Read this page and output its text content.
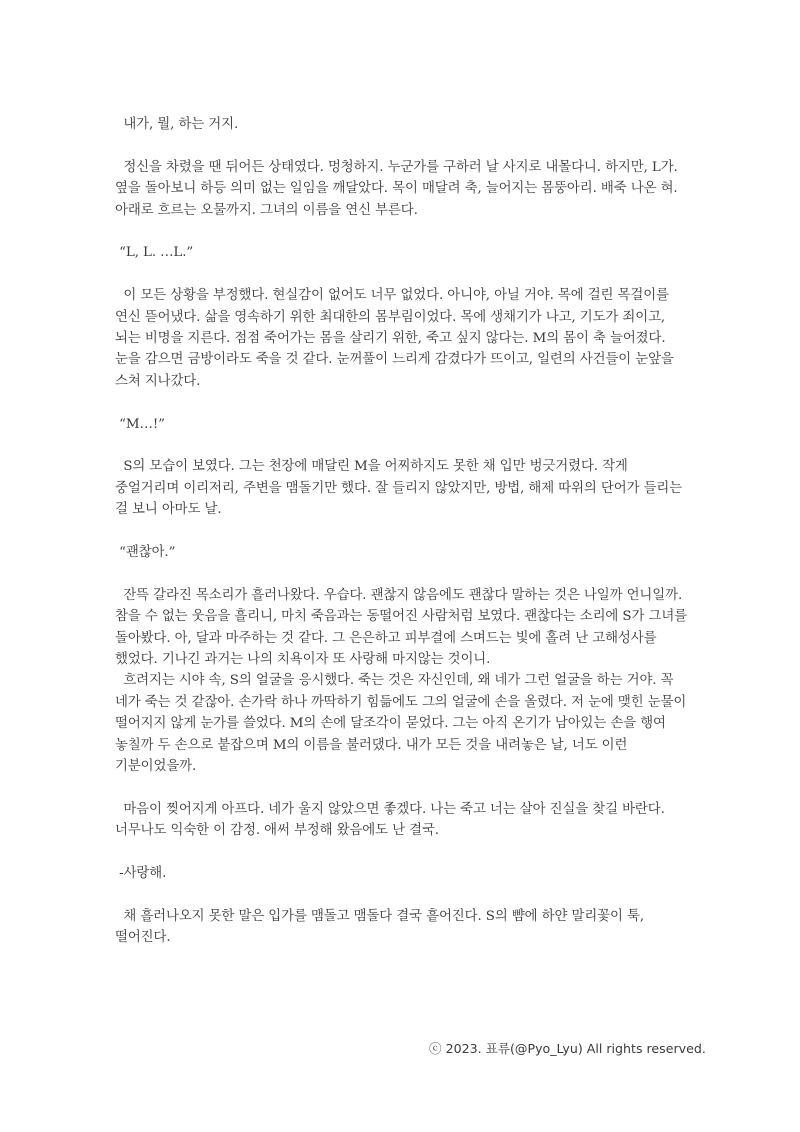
내가, 뭘, 하는 거지.

정신을 차렸을 땐 뒤어든 상태였다. 멍청하지. 누군가를 구하러 날 사지로 내몰다니. 하지만, L가. 옆을 돌아보니 하등 의미 없는 일임을 깨달았다. 목이 매달려 축, 늘어지는 몸뚱아리. 배죽 나온 혀. 아래로 흐르는 오물까지. 그녀의 이름을 연신 부른다.

“L, L. …L.”

이 모든 상황을 부정했다. 현실감이 없어도 너무 없었다. 아니야, 아닐 거야. 목에 걸린 목걸이를 연신 뜯어냈다. 삶을 영속하기 위한 최대한의 몸부림이었다. 목에 생채기가 나고, 기도가 죄이고, 뇌는 비명을 지른다. 점점 죽어가는 몸을 살리기 위한, 죽고 싶지 않다는. M의 몸이 축 늘어졌다. 눈을 감으면 금방이라도 죽을 것 같다. 눈꺼풀이 느리게 감겼다가 뜨이고, 일련의 사건들이 눈앞을 스쳐 지나갔다.

“M…!”

S의 모습이 보였다. 그는 천장에 매달린 M을 어찌하지도 못한 채 입만 벙긋거렸다. 작게 중얼거리며 이리저리, 주변을 맴돌기만 했다. 잘 들리지 않았지만, 방법, 해제 따위의 단어가 들리는 걸 보니 아마도 날.

“괜찮아.”

잔뜩 갈라진 목소리가 흘러나왔다. 우습다. 괜찮지 않음에도 괜찮다 말하는 것은 나일까 언니일까. 참을 수 없는 웃음을 흘리니, 마치 죽음과는 동떨어진 사람처럼 보였다. 괜찮다는 소리에 S가 그녀를 돌아봤다. 아, 달과 마주하는 것 같다. 그 은은하고 피부결에 스며드는 빛에 홀려 난 고해성사를 했었다. 기나긴 과거는 나의 치욕이자 또 사랑해 마지않는 것이니.

흐려지는 시야 속, S의 얼굴을 응시했다. 죽는 것은 자신인데, 왜 네가 그런 얼굴을 하는 거야. 꼭 네가 죽는 것 같잖아. 손가락 하나 까딱하기 힘듦에도 그의 얼굴에 손을 올렸다. 저 눈에 맺힌 눈물이 떨어지지 않게 눈가를 쓸었다. M의 손에 달조각이 묻었다. 그는 아직 온기가 남아있는 손을 행여 놓칠까 두 손으로 붙잡으며 M의 이름을 불러댔다. 내가 모든 것을 내려놓은 날, 너도 이런 기분이었을까.

마음이 찢어지게 아프다. 네가 울지 않았으면 좋겠다. 나는 죽고 너는 살아 진실을 찾길 바란다. 너무나도 익숙한 이 감정. 애써 부정해 왔음에도 난 결국.

-사랑해.

채 흘러나오지 못한 말은 입가를 맴돌고 맴돌다 결국 흩어진다. S의 뺨에 하얀 말리꽃이 툭, 떨어진다.

ⓒ 2023. 표류(@Pyo_Lyu) All rights reserved.
